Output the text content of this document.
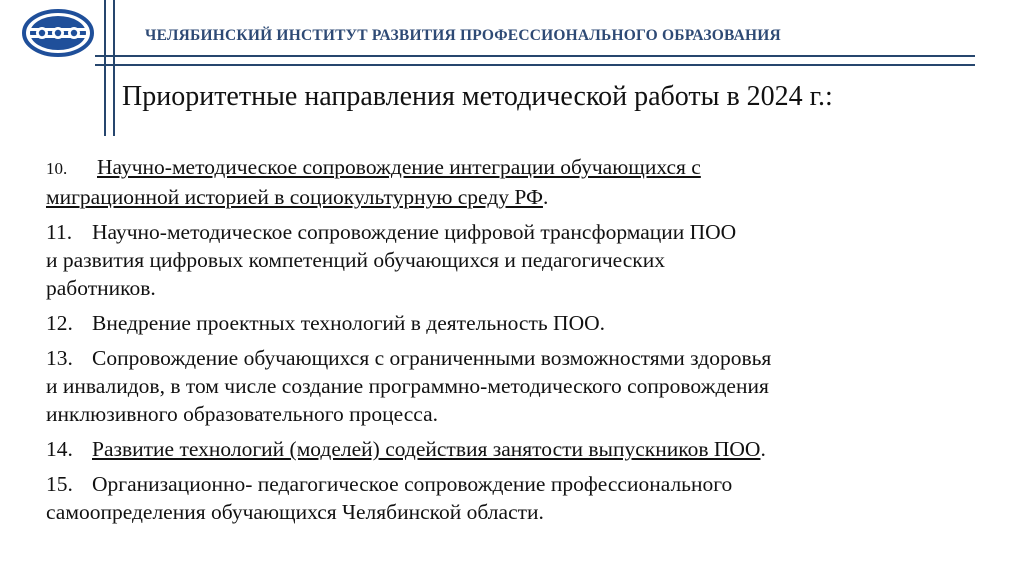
ЧЕЛЯБИНСКИЙ ИНСТИТУТ РАЗВИТИЯ ПРОФЕССИОНАЛЬНОГО ОБРАЗОВАНИЯ
Приоритетные направления методической работы в 2024 г.:
10. Научно-методическое сопровождение интеграции обучающихся с
миграционной историей в социокультурную среду РФ.
11. Научно-методическое сопровождение цифровой трансформации ПОО
и развития цифровых компетенций обучающихся и педагогических
работников.
12. Внедрение проектных технологий в деятельность ПОО.
13. Сопровождение обучающихся с ограниченными возможностями здоровья
и инвалидов, в том числе создание программно-методического сопровождения
инклюзивного образовательного процесса.
14. Развитие технологий (моделей) содействия занятости выпускников ПОО.
15. Организационно- педагогическое сопровождение профессионального
самоопределения обучающихся Челябинской области.
